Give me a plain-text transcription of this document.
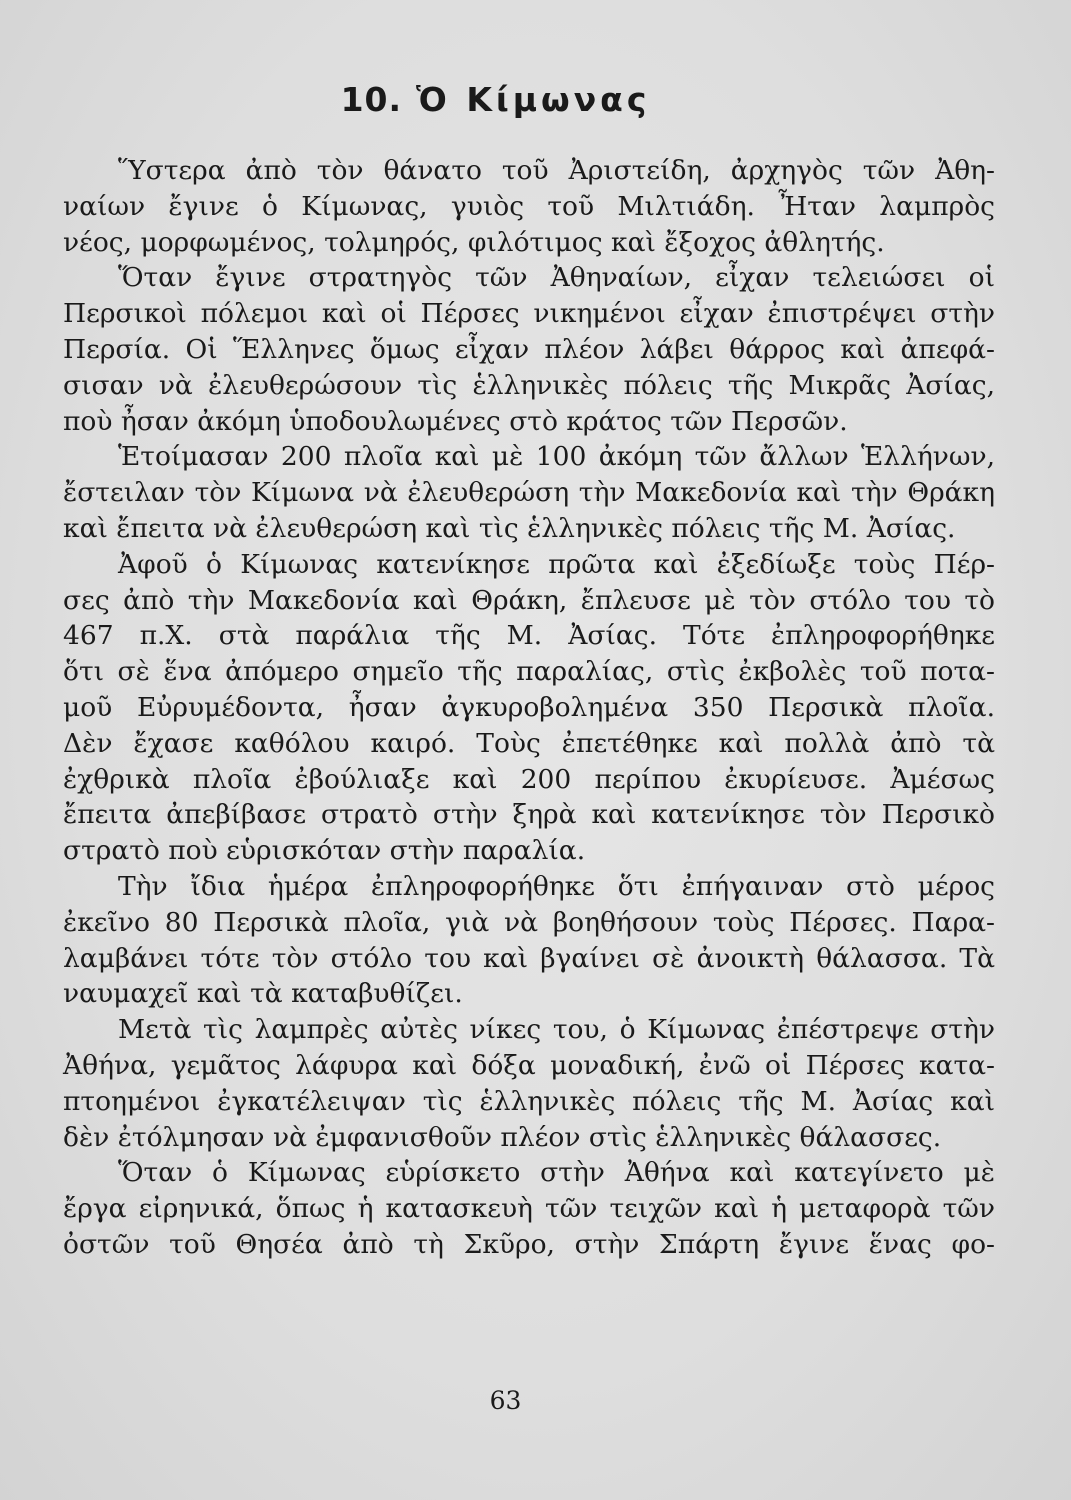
10. Ὁ Κίμωνας
Ὕστερα ἀπὸ τὸν θάνατο τοῦ Ἀριστείδη, ἀρχηγὸς τῶν Ἀθη-
ναίων ἔγινε ὁ Κίμωνας, γυιὸς τοῦ Μιλτιάδη. Ἦταν λαμπρὸς
νέος, μορφωμένος, τολμηρός, φιλότιμος καὶ ἔξοχος ἀθλητής.
Ὅταν ἔγινε στρατηγὸς τῶν Ἀθηναίων, εἶχαν τελειώσει οἱ
Περσικοὶ πόλεμοι καὶ οἱ Πέρσες νικημένοι εἶχαν ἐπιστρέψει στὴν
Περσία. Οἱ Ἕλληνες ὅμως εἶχαν πλέον λάβει θάρρος καὶ ἀπεφά-
σισαν νὰ ἐλευθερώσουν τὶς ἑλληνικὲς πόλεις τῆς Μικρᾶς Ἀσίας,
ποὺ ἦσαν ἀκόμη ὑποδουλωμένες στὸ κράτος τῶν Περσῶν.
Ἑτοίμασαν 200 πλοῖα καὶ μὲ 100 ἀκόμη τῶν ἄλλων Ἑλλήνων,
ἔστειλαν τὸν Κίμωνα νὰ ἐλευθερώση τὴν Μακεδονία καὶ τὴν Θράκη
καὶ ἔπειτα νὰ ἐλευθερώση καὶ τὶς ἑλληνικὲς πόλεις τῆς Μ. Ἀσίας.
Ἀφοῦ ὁ Κίμωνας κατενίκησε πρῶτα καὶ ἐξεδίωξε τοὺς Πέρ-
σες ἀπὸ τὴν Μακεδονία καὶ Θράκη, ἔπλευσε μὲ τὸν στόλο του τὸ
467 π.Χ. στὰ παράλια τῆς Μ. Ἀσίας. Τότε ἐπληροφορήθηκε
ὅτι σὲ ἕνα ἀπόμερο σημεῖο τῆς παραλίας, στὶς ἐκβολὲς τοῦ ποτα-
μοῦ Εὐρυμέδοντα, ἦσαν ἀγκυροβολημένα 350 Περσικὰ πλοῖα.
Δὲν ἔχασε καθόλου καιρό. Τοὺς ἐπετέθηκε καὶ πολλὰ ἀπὸ τὰ
ἐχθρικὰ πλοῖα ἐβούλιαξε καὶ 200 περίπου ἐκυρίευσε. Ἀμέσως
ἔπειτα ἀπεβίβασε στρατὸ στὴν ξηρὰ καὶ κατενίκησε τὸν Περσικὸ
στρατὸ ποὺ εὑρισκόταν στὴν παραλία.
Τὴν ἴδια ἡμέρα ἐπληροφορήθηκε ὅτι ἐπήγαιναν στὸ μέρος
ἐκεῖνο 80 Περσικὰ πλοῖα, γιὰ νὰ βοηθήσουν τοὺς Πέρσες. Παρα-
λαμβάνει τότε τὸν στόλο του καὶ βγαίνει σὲ ἀνοικτὴ θάλασσα. Τὰ
ναυμαχεῖ καὶ τὰ καταβυθίζει.
Μετὰ τὶς λαμπρὲς αὐτὲς νίκες του, ὁ Κίμωνας ἐπέστρεψε στὴν
Ἀθήνα, γεμᾶτος λάφυρα καὶ δόξα μοναδική, ἐνῶ οἱ Πέρσες κατα-
πτοημένοι ἐγκατέλειψαν τὶς ἑλληνικὲς πόλεις τῆς Μ. Ἀσίας καὶ
δὲν ἐτόλμησαν νὰ ἐμφανισθοῦν πλέον στὶς ἑλληνικὲς θάλασσες.
Ὅταν ὁ Κίμωνας εὑρίσκετο στὴν Ἀθήνα καὶ κατεγίνετο μὲ
ἔργα εἰρηνικά, ὅπως ἡ κατασκευὴ τῶν τειχῶν καὶ ἡ μεταφορὰ τῶν
ὀστῶν τοῦ Θησέα ἀπὸ τὴ Σκῦρο, στὴν Σπάρτη ἔγινε ἕνας φο-
63
